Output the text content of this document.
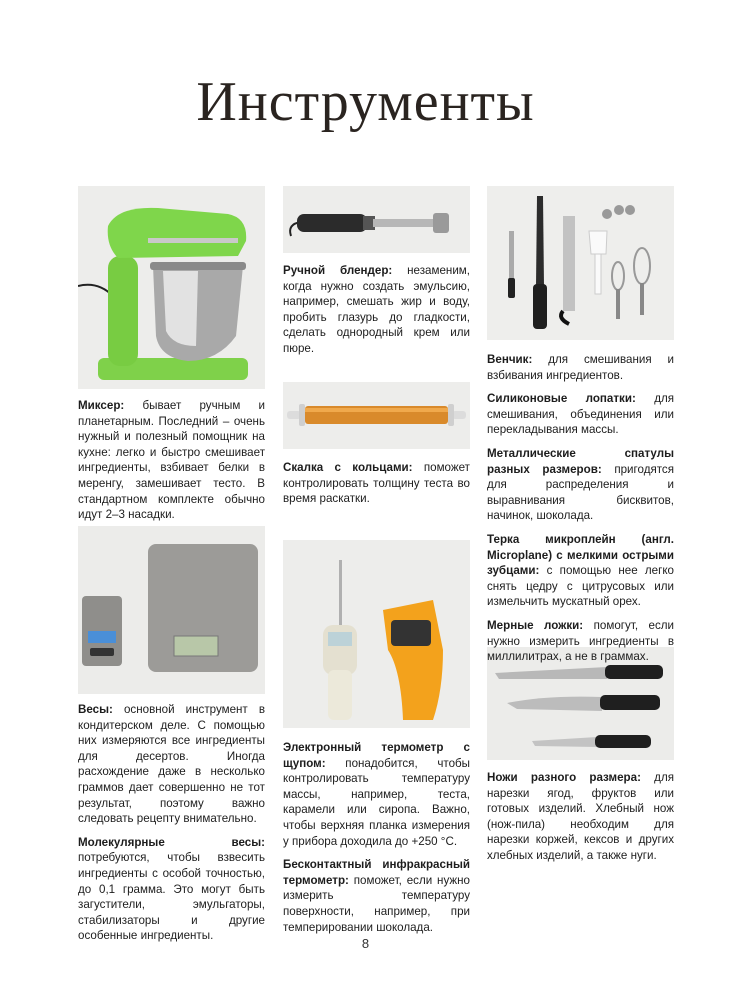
Инструменты

Миксер: бывает ручным и планетарным. Последний – очень нужный и полезный помощник на кухне: легко и быстро смешивает ингредиенты, взбивает белки в меренгу, замешивает тесто. В стандартном комплекте обычно идут 2–3 насадки.

Ручной блендер: незаменим, когда нужно создать эмульсию, например, смешать жир и воду, пробить глазурь до гладкости, сделать однородный крем или пюре.

Скалка с кольцами: поможет контролировать толщину теста во время раскатки.

Венчик: для смешивания и взбивания ингредиентов.

Силиконовые лопатки: для смешивания, объединения или перекладывания массы.

Металлические спатулы разных размеров: пригодятся для распределения и выравнивания бисквитов, начинок, шоколада.

Терка микроплейн (англ. Microplane) с мелкими острыми зубцами: с помощью нее легко снять цедру с цитрусовых или измельчить мускатный орех.

Мерные ложки: помогут, если нужно измерить ингредиенты в миллилитрах, а не в граммах.

Весы: основной инструмент в кондитерском деле. С помощью них измеряются все ингредиенты для десертов. Иногда расхождение даже в несколько граммов дает совершенно не тот результат, поэтому важно следовать рецепту внимательно.

Молекулярные весы: потребуются, чтобы взвесить ингредиенты с особой точностью, до 0,1 грамма. Это могут быть загустители, эмульгаторы, стабилизаторы и другие особенные ингредиенты.

Электронный термометр с щупом: понадобится, чтобы контролировать температуру массы, например, теста, карамели или сиропа. Важно, чтобы верхняя планка измерения у прибора доходила до +250 °С.

Бесконтактный инфракрасный термометр: поможет, если нужно измерить температуру поверхности, например, при темперировании шоколада.

Ножи разного размера: для нарезки ягод, фруктов или готовых изделий. Хлебный нож (нож-пила) необходим для нарезки коржей, кексов и других хлебных изделий, а также нуги.

8
